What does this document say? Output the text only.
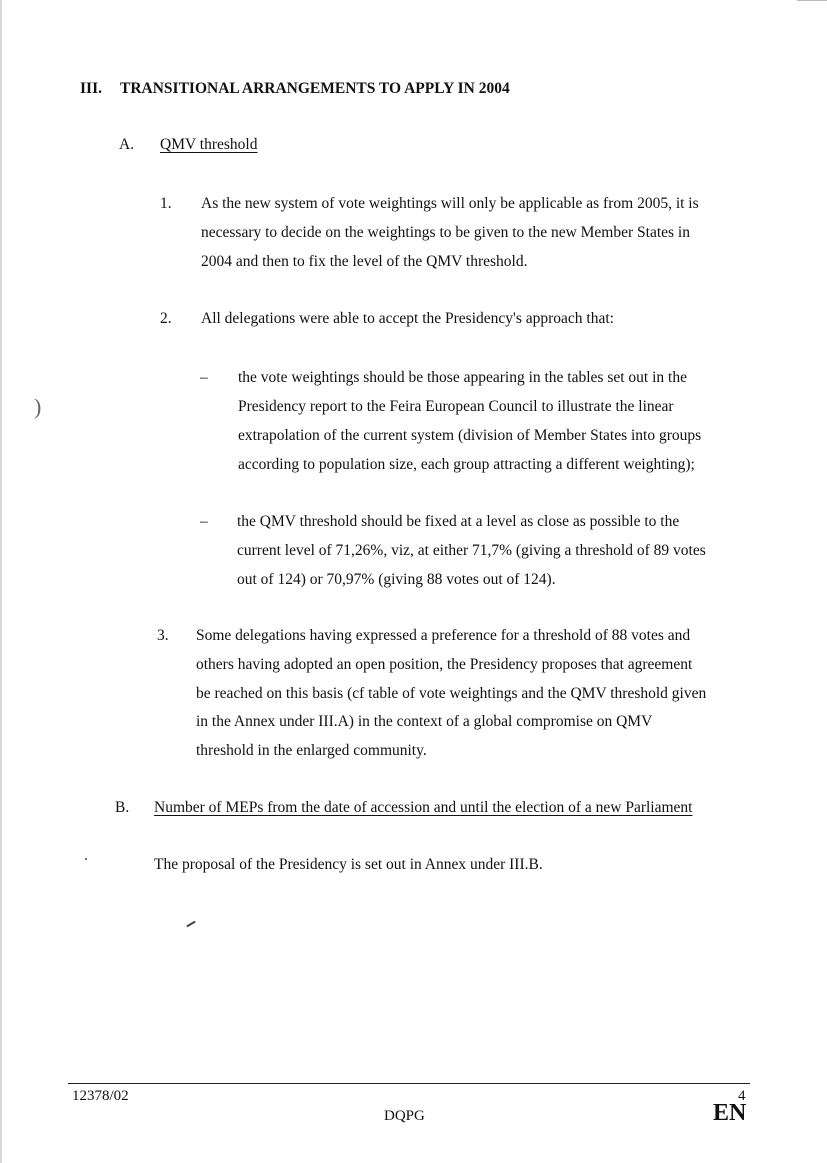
)
III. TRANSITIONAL ARRANGEMENTS TO APPLY IN 2004
A. QMV threshold
1. As the new system of vote weightings will only be applicable as from 2005, it is
necessary to decide on the weightings to be given to the new Member States in
2004 and then to fix the level of the QMV threshold.
2. All delegations were able to accept the Presidency's approach that:
– the vote weightings should be those appearing in the tables set out in the
Presidency report to the Feira European Council to illustrate the linear
extrapolation of the current system (division of Member States into groups
according to population size, each group attracting a different weighting);
– the QMV threshold should be fixed at a level as close as possible to the
current level of 71,26%, viz, at either 71,7% (giving a threshold of 89 votes
out of 124) or 70,97% (giving 88 votes out of 124).
3. Some delegations having expressed a preference for a threshold of 88 votes and
others having adopted an open position, the Presidency proposes that agreement
be reached on this basis (cf table of vote weightings and the QMV threshold given
in the Annex under III.A) in the context of a global compromise on QMV
threshold in the enlarged community.
B. Number of MEPs from the date of accession and until the election of a new Parliament
The proposal of the Presidency is set out in Annex under III.B.
12378/02	4
DQPG	EN
